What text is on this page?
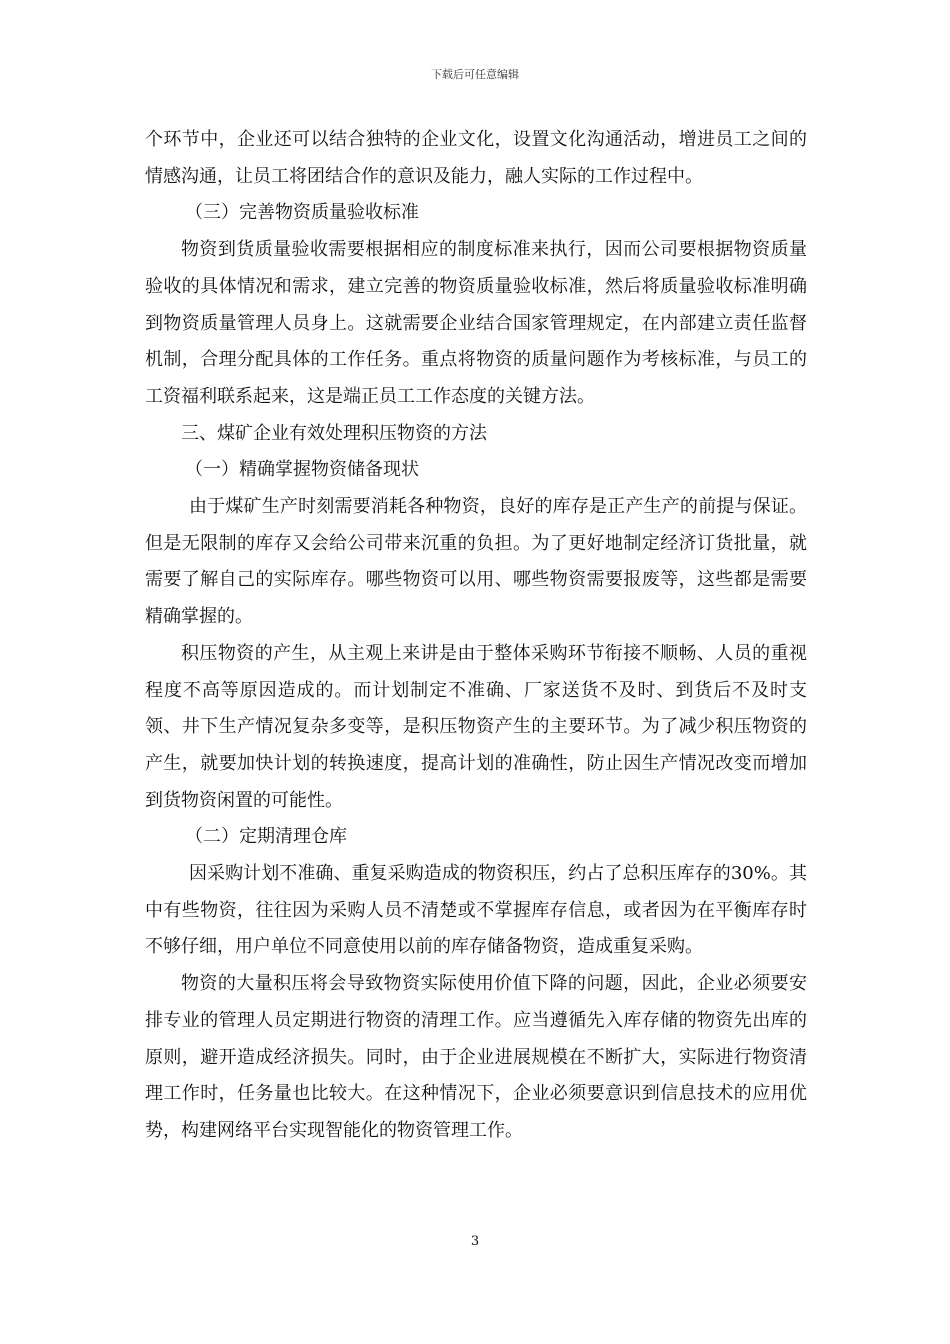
下载后可任意编辑

个环节中，企业还可以结合独特的企业文化，设置文化沟通活动，增进员工之间的情感沟通，让员工将团结合作的意识及能力，融人实际的工作过程中。

（三）完善物资质量验收标准

物资到货质量验收需要根据相应的制度标准来执行，因而公司要根据物资质量验收的具体情况和需求，建立完善的物资质量验收标准，然后将质量验收标准明确到物资质量管理人员身上。这就需要企业结合国家管理规定，在内部建立责任监督机制，合理分配具体的工作任务。重点将物资的质量问题作为考核标准，与员工的工资福利联系起来，这是端正员工工作态度的关键方法。

三、煤矿企业有效处理积压物资的方法

（一）精确掌握物资储备现状

由于煤矿生产时刻需要消耗各种物资，良好的库存是正产生产的前提与保证。但是无限制的库存又会给公司带来沉重的负担。为了更好地制定经济订货批量，就需要了解自己的实际库存。哪些物资可以用、哪些物资需要报废等，这些都是需要精确掌握的。

积压物资的产生，从主观上来讲是由于整体采购环节衔接不顺畅、人员的重视程度不高等原因造成的。而计划制定不准确、厂家送货不及时、到货后不及时支领、井下生产情况复杂多变等，是积压物资产生的主要环节。为了减少积压物资的产生，就要加快计划的转换速度，提高计划的准确性，防止因生产情况改变而增加到货物资闲置的可能性。

（二）定期清理仓库

因采购计划不准确、重复采购造成的物资积压，约占了总积压库存的30%。其中有些物资，往往因为采购人员不清楚或不掌握库存信息，或者因为在平衡库存时不够仔细，用户单位不同意使用以前的库存储备物资，造成重复采购。

物资的大量积压将会导致物资实际使用价值下降的问题，因此，企业必须要安排专业的管理人员定期进行物资的清理工作。应当遵循先入库存储的物资先出库的原则，避开造成经济损失。同时，由于企业进展规模在不断扩大，实际进行物资清理工作时，任务量也比较大。在这种情况下，企业必须要意识到信息技术的应用优势，构建网络平台实现智能化的物资管理工作。

3
